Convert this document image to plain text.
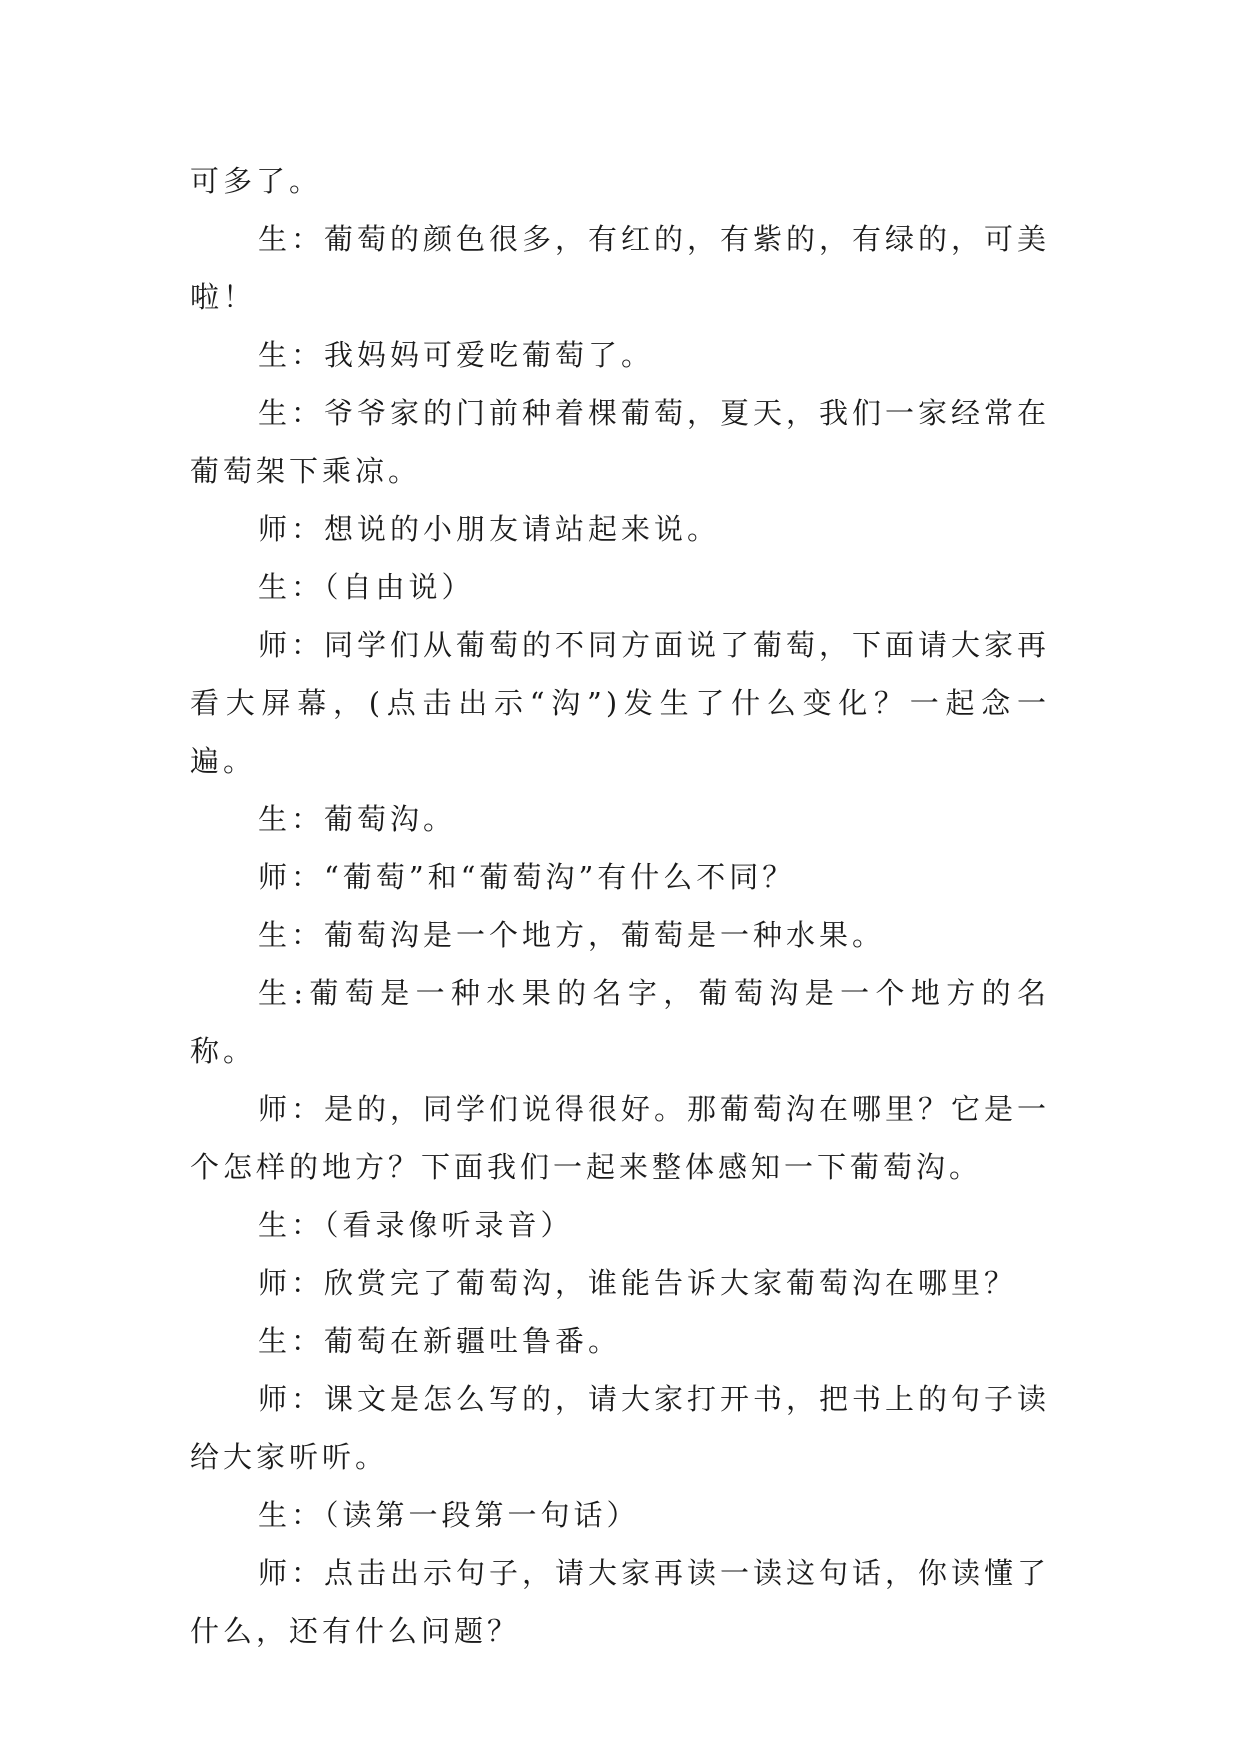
可多了。

生：葡萄的颜色很多，有红的，有紫的，有绿的，可美啦！

生：我妈妈可爱吃葡萄了。

生：爷爷家的门前种着棵葡萄，夏天，我们一家经常在葡萄架下乘凉。

师：想说的小朋友请站起来说。

生：（自由说）

师：同学们从葡萄的不同方面说了葡萄，下面请大家再看大屏幕，(点击出示“沟”)发生了什么变化？一起念一遍。

生：葡萄沟。

师：“葡萄”和“葡萄沟”有什么不同？

生：葡萄沟是一个地方，葡萄是一种水果。

生:葡萄是一种水果的名字，葡萄沟是一个地方的名称。

师：是的，同学们说得很好。那葡萄沟在哪里？它是一个怎样的地方？下面我们一起来整体感知一下葡萄沟。

生：（看录像听录音）

师：欣赏完了葡萄沟，谁能告诉大家葡萄沟在哪里？

生：葡萄在新疆吐鲁番。

师：课文是怎么写的，请大家打开书，把书上的句子读给大家听听。

生：（读第一段第一句话）

师：点击出示句子，请大家再读一读这句话，你读懂了什么，还有什么问题？
